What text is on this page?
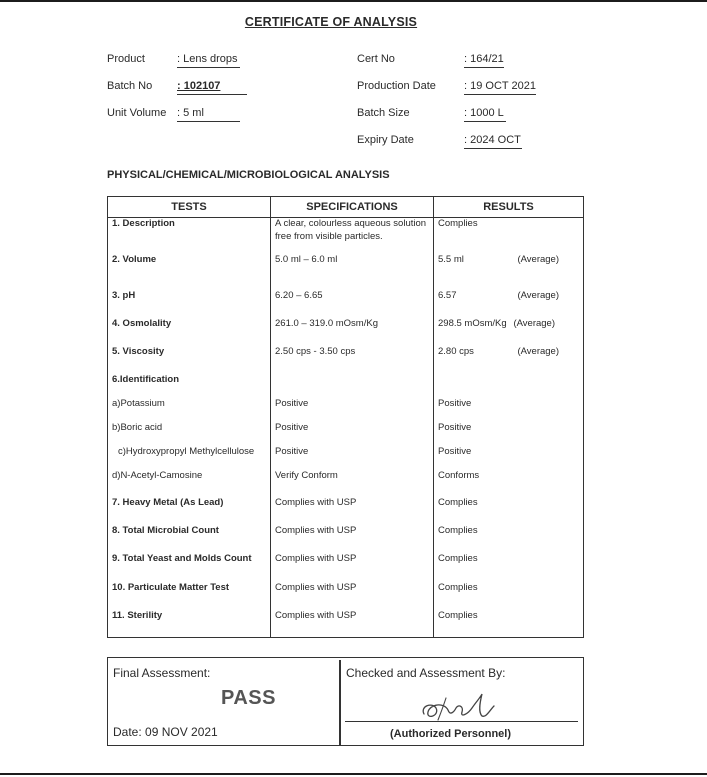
CERTIFICATE OF ANALYSIS
Product	: Lens drops
Batch No : 102107
Unit Volume : 5 ml
Cert No	: 164/21
Production Date	: 19 OCT 2021
Batch Size	: 1000 L
Expiry Date	: 2024 OCT
PHYSICAL/CHEMICAL/MICROBIOLOGICAL ANALYSIS
TESTS	SPECIFICATIONS	RESULTS
1. Description	A clear, colourless aqueous solution free from visible particles.	Complies
2. Volume	5.0 ml – 6.0 ml	5.5 ml (Average)

3. pH	6.20 – 6.65	6.57 (Average)

4. Osmolality	261.0 – 319.0 mOsm/Kg	298.5 mOsm/Kg (Average)

5. Viscosity	2.50 cps - 3.50 cps	2.80 cps (Average)

6.Identification		
a)Potassium	Positive	Positive
b)Boric acid	Positive	Positive
c)Hydroxypropyl Methylcellulose	Positive	Positive
d)N-Acetyl-Camosine	Verify Conform	Conforms
7. Heavy Metal (As Lead)	Complies with USP	Complies
8. Total Microbial Count	Complies with USP	Complies
9. Total Yeast and Molds Count	Complies with USP	Complies
10. Particulate Matter Test	Complies with USP	Complies
11. Sterility	Complies with USP	Complies
Final Assessment:
PASS
Date: 09 NOV 2021
Checked and Assessment By:
(Authorized Personnel)
